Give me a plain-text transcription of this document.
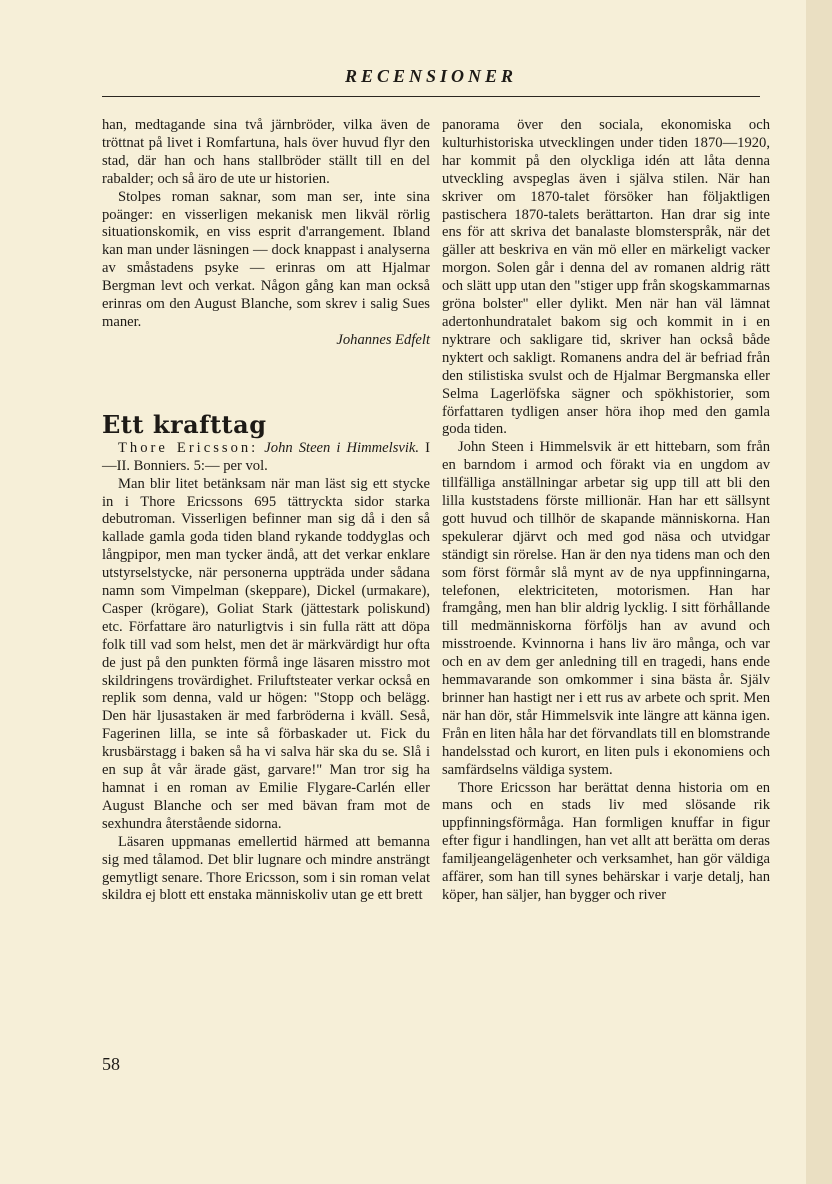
RECENSIONER

han, medtagande sina två järnbröder, vilka även de tröttnat på livet i Romfartuna, hals över huvud flyr den stad, där han och hans stallbröder ställt till en del rabalder; och så äro de ute ur historien.

Stolpes roman saknar, som man ser, inte sina poänger: en visserligen mekanisk men likväl rörlig situationskomik, en viss esprit d'arrangement. Ibland kan man under läsningen — dock knappast i analyserna av småstadens psyke — erinras om att Hjalmar Bergman levt och verkat. Någon gång kan man också erinras om den August Blanche, som skrev i salig Sues maner.

Johannes Edfelt

Ett krafttag

Thore Ericsson: John Steen i Himmelsvik. I—II. Bonniers. 5:— per vol.

Man blir litet betänksam när man läst sig ett stycke in i Thore Ericssons 695 tättryckta sidor starka debutroman. Visserligen befinner man sig då i den så kallade gamla goda tiden bland rykande toddyglas och långpipor, men man tycker ändå, att det verkar enklare utstyrselstycke, när personerna uppträda under sådana namn som Vimpelman (skeppare), Dickel (urmakare), Casper (krögare), Goliat Stark (jättestark poliskund) etc. Författare äro naturligtvis i sin fulla rätt att döpa folk till vad som helst, men det är märkvärdigt hur ofta de just på den punkten förmå inge läsaren misstro mot skildringens trovärdighet. Friluftsteater verkar också en replik som denna, vald ur högen: "Stopp och belägg. Den här ljusastaken är med farbröderna i kväll. Seså, Fagerinen lilla, se inte så förbaskader ut. Fick du krusbärstagg i baken så ha vi salva här ska du se. Slå i en sup åt vår ärade gäst, garvare!" Man tror sig ha hamnat i en roman av Emilie Flygare-Carlén eller August Blanche och ser med bävan fram mot de sexhundra återstående sidorna.

Läsaren uppmanas emellertid härmed att bemanna sig med tålamod. Det blir lugnare och mindre ansträngt gemytligt senare. Thore Ericsson, som i sin roman velat skildra ej blott ett enstaka människoliv utan ge ett brett

panorama över den sociala, ekonomiska och kulturhistoriska utvecklingen under tiden 1870—1920, har kommit på den olyckliga idén att låta denna utveckling avspeglas även i själva stilen. När han skriver om 1870-talet försöker han följaktligen pastischera 1870-talets berättarton. Han drar sig inte ens för att skriva det banalaste blomsterspråk, när det gäller att beskriva en vän mö eller en märkeligt vacker morgon. Solen går i denna del av romanen aldrig rätt och slätt upp utan den "stiger upp från skogskammarnas gröna bolster" eller dylikt. Men när han väl lämnat adertonhundratalet bakom sig och kommit in i en nyktrare och sakligare tid, skriver han också både nyktert och sakligt. Romanens andra del är befriad från den stilistiska svulst och de Hjalmar Bergmanska eller Selma Lagerlöfska sägner och spökhistorier, som författaren tydligen anser höra ihop med den gamla goda tiden.

John Steen i Himmelsvik är ett hittebarn, som från en barndom i armod och förakt via en ungdom av tillfälliga anställningar arbetar sig upp till att bli den lilla kuststadens förste millionär. Han har ett sällsynt gott huvud och tillhör de skapande människorna. Han spekulerar djärvt och med god näsa och utvidgar ständigt sin rörelse. Han är den nya tidens man och den som först förmår slå mynt av de nya uppfinningarna, telefonen, elektriciteten, motorismen. Han har framgång, men han blir aldrig lycklig. I sitt förhållande till medmänniskorna förföljs han av avund och misstroende. Kvinnorna i hans liv äro många, och var och en av dem ger anledning till en tragedi, hans ende hemmavarande son omkommer i sina bästa år. Själv brinner han hastigt ner i ett rus av arbete och sprit. Men när han dör, står Himmelsvik inte längre att känna igen. Från en liten håla har det förvandlats till en blomstrande handelsstad och kurort, en liten puls i ekonomiens och samfärdselns väldiga system.

Thore Ericsson har berättat denna historia om en mans och en stads liv med slösande rik uppfinningsförmåga. Han formligen knuffar in figur efter figur i handlingen, han vet allt att berätta om deras familjeangelägenheter och verksamhet, han gör väldiga affärer, som han till synes behärskar i varje detalj, han köper, han säljer, han bygger och river

58
